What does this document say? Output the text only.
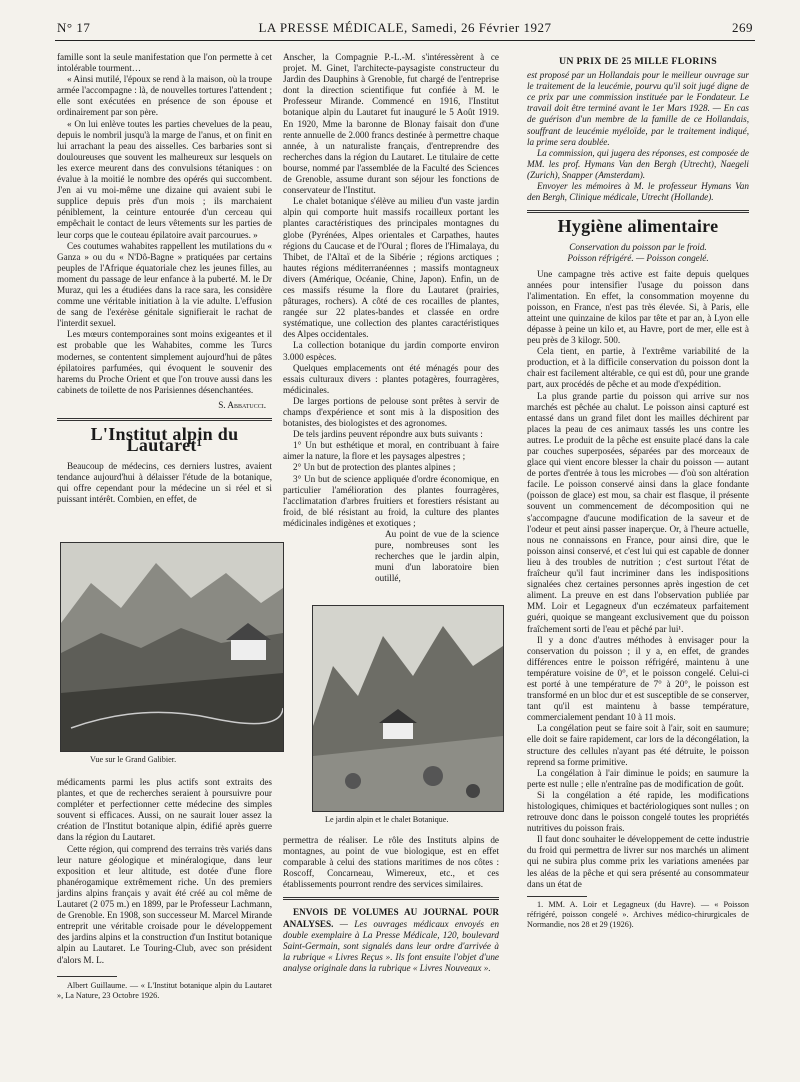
N° 17	LA PRESSE MÉDICALE, Samedi, 26 Février 1927	269

famille sont la seule manifestation que l'on permette à cet intolérable tourment…

« Ainsi mutilé, l'époux se rend à la maison, où la troupe armée l'accompagne : là, de nouvelles tortures l'attendent ; elle sont exécutées en présence de son épouse et ordinairement par son père.

« On lui enlève toutes les parties chevelues de la peau, depuis le nombril jusqu'à la marge de l'anus, et on finit en lui arrachant la peau des aisselles. Ces barbaries sont si douloureuses que souvent les malheureux sur lesquels on les exerce meurent dans des convulsions tétaniques : on évalue à la moitié le nombre des opérés qui succombent. J'en ai vu moi-même une dizaine qui avaient subi le supplice depuis près d'un mois ; ils marchaient péniblement, la ceinture entourée d'un cerceau qui empêchait le contact de leurs vêtements sur les parties de leur corps que le couteau épilatoire avait parcourues. »

Ces coutumes wahabites rappellent les mutilations du « Ganza » ou du « N'Dô-Bagne » pratiquées par certains peuples de l'Afrique équatoriale chez les jeunes filles, au moment du passage de leur enfance à la puberté. M. le Dr Muraz, qui les a étudiées dans la race sara, les considère comme une véritable initiation à la vie adulte. L'effusion de sang de l'exérèse génitale signifierait le rachat de l'interdit sexuel.

Les mœurs contemporaines sont moins exigeantes et il est probable que les Wahabites, comme les Turcs modernes, se contentent simplement aujourd'hui de pâtes épilatoires parfumées, qui évoquent le souvenir des harems du Proche Orient et que l'on trouve aussi dans les cabinets de toilette de nos Parisiennes désenchantées.

S. Abbatucci.

L'Institut alpin du Lautaret¹

Beaucoup de médecins, ces derniers lustres, avaient tendance aujourd'hui à délaisser l'étude de la botanique, qui offre cependant pour la médecine un si réel et si puissant intérêt. Combien, en effet, de

Vue sur le Grand Galibier.

médicaments parmi les plus actifs sont extraits des plantes, et que de recherches seraient à poursuivre pour compléter et perfectionner cette médecine des simples souvent si efficaces. Aussi, on ne saurait louer assez la création de l'Institut botanique alpin, édifié après guerre dans la région du Lautaret.

Cette région, qui comprend des terrains très variés dans leur nature géologique et minéralogique, dans leur exposition et leur altitude, est dotée d'une flore phanérogamique extrêmement riche. Un des premiers jardins alpins français y avait été créé au col même de Lautaret (2 075 m.) en 1899, par le Professeur Lachmann, de Grenoble. En 1908, son successeur M. Marcel Mirande entreprit une véritable croisade pour le développement des jardins alpins et la construction d'un Institut botanique alpin au Lautaret. Le Touring-Club, avec son président d'alors M. L.

Albert Guillaume. — « L'Institut botanique alpin du Lautaret », La Nature, 23 Octobre 1926.

Anscher, la Compagnie P.-L.-M. s'intéressèrent à ce projet. M. Ginet, l'architecte-paysagiste constructeur du Jardin des Dauphins à Grenoble, fut chargé de l'entreprise dont la direction scientifique fut confiée à M. le Professeur Mirande. Commencé en 1916, l'Institut botanique alpin du Lautaret fut inauguré le 5 Août 1919. En 1920, Mme la baronne de Blonay faisait don d'une rente annuelle de 2.000 francs destinée à permettre chaque année, à un naturaliste français, d'entreprendre des recherches dans la région du Lautaret. Le titulaire de cette bourse, nommé par l'assemblée de la Faculté des Sciences de Grenoble, assume durant son séjour les fonctions de conservateur de l'Institut.

Le chalet botanique s'élève au milieu d'un vaste jardin alpin qui comporte huit massifs rocailleux portant les plantes caractéristiques des principales montagnes du globe (Pyrénées, Alpes orientales et Carpathes, hautes régions du Caucase et de l'Oural ; flores de l'Himalaya, du Thibet, de l'Altaï et de la Sibérie ; régions arctiques ; hautes régions méditerranéennes ; massifs montagneux divers (Amérique, Océanie, Chine, Japon). Enfin, un de ces massifs résume la flore du Lautaret (prairies, pâturages, rochers). A côté de ces rocailles de plantes, rangée sur 22 plates-bandes et classée en ordre systématique, une collection des plantes caractéristiques des Alpes occidentales.

La collection botanique du jardin comporte environ 3.000 espèces.

Quelques emplacements ont été ménagés pour des essais culturaux divers : plantes potagères, fourragères, médicinales.

De larges portions de pelouse sont prêtes à servir de champs d'expérience et sont mis à la disposition des botanistes, des biologistes et des agronomes.

De tels jardins peuvent répondre aux buts suivants :

1° Un but esthétique et moral, en contribuant à faire aimer la nature, la flore et les paysages alpestres ;

2° Un but de protection des plantes alpines ;

3° Un but de science appliquée d'ordre économique, en particulier l'amélioration des plantes fourragères, l'acclimatation d'arbres fruitiers et forestiers résistant au froid, de blé résistant au froid, la culture des plantes médicinales indigènes et exotiques ;

Au point de vue de la science pure, nombreuses sont les recherches que le jardin alpin, muni d'un laboratoire bien outillé,

Le jardin alpin et le chalet Botanique.

permettra de réaliser. Le rôle des Instituts alpins de montagnes, au point de vue biologique, est en effet comparable à celui des stations maritimes de nos côtes : Roscoff, Concarneau, Wimereux, etc., et ces établissements pourront rendre des services similaires.

ENVOIS DE VOLUMES AU JOURNAL POUR ANALYSES. — Les ouvrages médicaux envoyés en double exemplaire à La Presse Médicale, 120, boulevard Saint-Germain, sont signalés dans leur ordre d'arrivée à la rubrique « Livres Reçus ». Ils font ensuite l'objet d'une analyse originale dans la rubrique « Livres Nouveaux ».

UN PRIX DE 25 MILLE FLORINS

est proposé par un Hollandais pour le meilleur ouvrage sur le traitement de la leucémie, pourvu qu'il soit jugé digne de ce prix par une commission instituée par le Fondateur. Le travail doit être terminé avant le 1er Mars 1928. — En cas de guérison d'un membre de la famille de ce Hollandais, souffrant de leucémie myéloïde, par le traitement indiqué, la prime sera doublée.

La commission, qui jugera des réponses, est composée de MM. les prof. Hymans Van den Bergh (Utrecht), Naegeli (Zurich), Snapper (Amsterdam).

Envoyer les mémoires à M. le professeur Hymans Van den Bergh, Clinique médicale, Utrecht (Hollande).

Hygiène alimentaire

Conservation du poisson par le froid.

Poisson réfrigéré. — Poisson congelé.

Une campagne très active est faite depuis quelques années pour intensifier l'usage du poisson dans l'alimentation. En effet, la consommation moyenne du poisson, en France, n'est pas très élevée. Si, à Paris, elle atteint une quinzaine de kilos par tête et par an, à Lyon elle dépasse à peine un kilo et, au Havre, port de mer, elle est à peu près de 3 kilogr. 500.

Cela tient, en partie, à l'extrême variabilité de la production, et à la difficile conservation du poisson dont la chair est facilement altérable, ce qui est dû, pour une grande part, aux procédés de pêche et au mode d'expédition.

La plus grande partie du poisson qui arrive sur nos marchés est pêchée au chalut. Le poisson ainsi capturé est entassé dans un grand filet dont les mailles déchirent par places la peau de ces animaux tassés les uns contre les autres. Le produit de la pêche est ensuite placé dans la cale par couches superposées, séparées par des morceaux de glace qui vient encore blesser la chair du poisson — autant de portes d'entrée à tous les microbes — d'où son altération facile. Le poisson conservé ainsi dans la glace fondante (poisson de glace) est mou, sa chair est flasque, il présente souvent un commencement de décomposition qui ne s'accompagne d'aucune modification de la saveur et de l'odeur et peut ainsi passer inaperçue. Or, à l'heure actuelle, nous ne connaissons en France, pour ainsi dire, que le poisson ainsi conservé, et c'est lui qui est capable de donner lieu à des troubles de nutrition ; c'est surtout l'état de fraîcheur qu'il faut incriminer dans les indispositions signalées chez certaines personnes après ingestion de cet aliment. La preuve en est dans l'observation publiée par MM. Loir et Legagneux d'un eczémateux parfaitement guéri, quoique se mangeant exclusivement que du poisson fraîchement sorti de l'eau et pêché par lui¹.

Il y a donc d'autres méthodes à envisager pour la conservation du poisson ; il y a, en effet, de grandes différences entre le poisson réfrigéré, maintenu à une température voisine de 0°, et le poisson congelé. Celui-ci est porté à une température de 7° à 20°, le poisson est transformé en un bloc dur et est susceptible de se conserver, tant qu'il est maintenu à basse température, commercialement pendant 10 à 11 mois.

La congélation peut se faire soit à l'air, soit en saumure; elle doit se faire rapidement, car lors de la décongélation, la structure des cellules n'ayant pas été détruite, le poisson reprend sa forme primitive.

La congélation à l'air diminue le poids; en saumure la perte est nulle ; elle n'entraîne pas de modification de goût.

Si la congélation a été rapide, les modifications histologiques, chimiques et bactériologiques sont nulles ; on retrouve donc dans le poisson congelé toutes les propriétés nutritives du poisson frais.

Il faut donc souhaiter le développement de cette industrie du froid qui permettra de livrer sur nos marchés un aliment qui ne subira plus comme prix les variations amenées par les aléas de la pêche et qui sera présenté au consommateur dans un état de

1. MM. A. Loir et Legagneux (du Havre). — « Poisson réfrigéré, poisson congelé ». Archives médico-chirurgicales de Normandie, nos 28 et 29 (1926).
